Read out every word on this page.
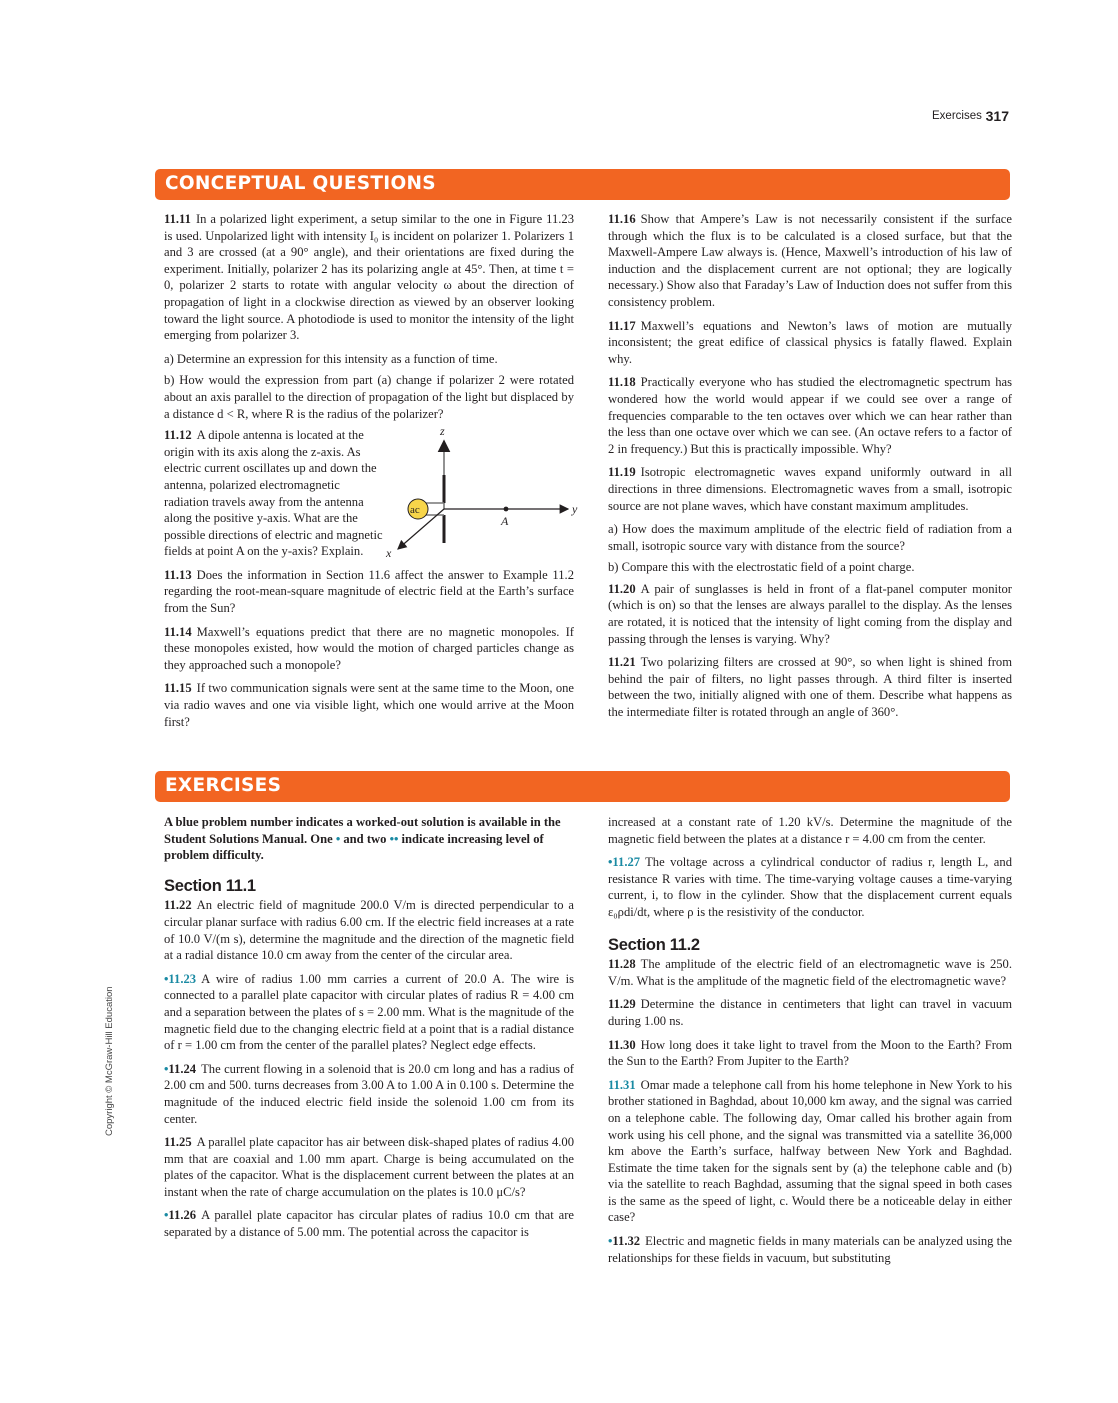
Exercises 317
Copyright © McGraw-Hill Education
CONCEPTUAL QUESTIONS

11.11 In a polarized light experiment, a setup similar to the one in Figure 11.23 is used. Unpolarized light with intensity I₀ is incident on polarizer 1. Polarizers 1 and 3 are crossed (at a 90° angle), and their orientations are fixed during the experiment. Initially, polarizer 2 has its polarizing angle at 45°. Then, at time t = 0, polarizer 2 starts to rotate with angular velocity ω about the direction of propagation of light in a clockwise direction as viewed by an observer looking toward the light source. A photodiode is used to monitor the intensity of the light emerging from polarizer 3.

a) Determine an expression for this intensity as a function of time.

b) How would the expression from part (a) change if polarizer 2 were rotated about an axis parallel to the direction of propagation of the light but displaced by a distance d < R, where R is the radius of the polarizer?

11.12 A dipole antenna is located at the origin with its axis along the z-axis. As electric current oscillates up and down the antenna, polarized electromagnetic radiation travels away from the antenna along the positive y-axis. What are the possible directions of electric and magnetic fields at point A on the y-axis? Explain.

z
y
x
ac
A

11.13 Does the information in Section 11.6 affect the answer to Example 11.2 regarding the root-mean-square magnitude of electric field at the Earth’s surface from the Sun?

11.14 Maxwell’s equations predict that there are no magnetic monopoles. If these monopoles existed, how would the motion of charged particles change as they approached such a monopole?

11.15 If two communication signals were sent at the same time to the Moon, one via radio waves and one via visible light, which one would arrive at the Moon first?

11.16 Show that Ampere’s Law is not necessarily consistent if the surface through which the flux is to be calculated is a closed surface, but that the Maxwell-Ampere Law always is. (Hence, Maxwell’s introduction of his law of induction and the displacement current are not optional; they are logically necessary.) Show also that Faraday’s Law of Induction does not suffer from this consistency problem.

11.17 Maxwell’s equations and Newton’s laws of motion are mutually inconsistent; the great edifice of classical physics is fatally flawed. Explain why.

11.18 Practically everyone who has studied the electromagnetic spectrum has wondered how the world would appear if we could see over a range of frequencies comparable to the ten octaves over which we can hear rather than the less than one octave over which we can see. (An octave refers to a factor of 2 in frequency.) But this is practically impossible. Why?

11.19 Isotropic electromagnetic waves expand uniformly outward in all directions in three dimensions. Electromagnetic waves from a small, isotropic source are not plane waves, which have constant maximum amplitudes.

a) How does the maximum amplitude of the electric field of radiation from a small, isotropic source vary with distance from the source?

b) Compare this with the electrostatic field of a point charge.

11.20 A pair of sunglasses is held in front of a flat-panel computer monitor (which is on) so that the lenses are always parallel to the display. As the lenses are rotated, it is noticed that the intensity of light coming from the display and passing through the lenses is varying. Why?

11.21 Two polarizing filters are crossed at 90°, so when light is shined from behind the pair of filters, no light passes through. A third filter is inserted between the two, initially aligned with one of them. Describe what happens as the intermediate filter is rotated through an angle of 360°.

EXERCISES

A blue problem number indicates a worked-out solution is available in the Student Solutions Manual. One • and two •• indicate increasing level of problem difficulty.

Section 11.1

11.22 An electric field of magnitude 200.0 V/m is directed perpendicular to a circular planar surface with radius 6.00 cm. If the electric field increases at a rate of 10.0 V/(m s), determine the magnitude and the direction of the magnetic field at a radial distance 10.0 cm away from the center of the circular area.

•11.23 A wire of radius 1.00 mm carries a current of 20.0 A. The wire is connected to a parallel plate capacitor with circular plates of radius R = 4.00 cm and a separation between the plates of s = 2.00 mm. What is the magnitude of the magnetic field due to the changing electric field at a point that is a radial distance of r = 1.00 cm from the center of the parallel plates? Neglect edge effects.

•11.24 The current flowing in a solenoid that is 20.0 cm long and has a radius of 2.00 cm and 500. turns decreases from 3.00 A to 1.00 A in 0.100 s. Determine the magnitude of the induced electric field inside the solenoid 1.00 cm from its center.

11.25 A parallel plate capacitor has air between disk-shaped plates of radius 4.00 mm that are coaxial and 1.00 mm apart. Charge is being accumulated on the plates of the capacitor. What is the displacement current between the plates at an instant when the rate of charge accumulation on the plates is 10.0 μC/s?

•11.26 A parallel plate capacitor has circular plates of radius 10.0 cm that are separated by a distance of 5.00 mm. The potential across the capacitor is

increased at a constant rate of 1.20 kV/s. Determine the magnitude of the magnetic field between the plates at a distance r = 4.00 cm from the center.

•11.27 The voltage across a cylindrical conductor of radius r, length L, and resistance R varies with time. The time-varying voltage causes a time-varying current, i, to flow in the cylinder. Show that the displacement current equals ε₀ρdi/dt, where ρ is the resistivity of the conductor.

Section 11.2

11.28 The amplitude of the electric field of an electromagnetic wave is 250. V/m. What is the amplitude of the magnetic field of the electromagnetic wave?

11.29 Determine the distance in centimeters that light can travel in vacuum during 1.00 ns.

11.30 How long does it take light to travel from the Moon to the Earth? From the Sun to the Earth? From Jupiter to the Earth?

11.31 Omar made a telephone call from his home telephone in New York to his brother stationed in Baghdad, about 10,000 km away, and the signal was carried on a telephone cable. The following day, Omar called his brother again from work using his cell phone, and the signal was transmitted via a satellite 36,000 km above the Earth’s surface, halfway between New York and Baghdad. Estimate the time taken for the signals sent by (a) the telephone cable and (b) via the satellite to reach Baghdad, assuming that the signal speed in both cases is the same as the speed of light, c. Would there be a noticeable delay in either case?

•11.32 Electric and magnetic fields in many materials can be analyzed using the relationships for these fields in vacuum, but substituting
